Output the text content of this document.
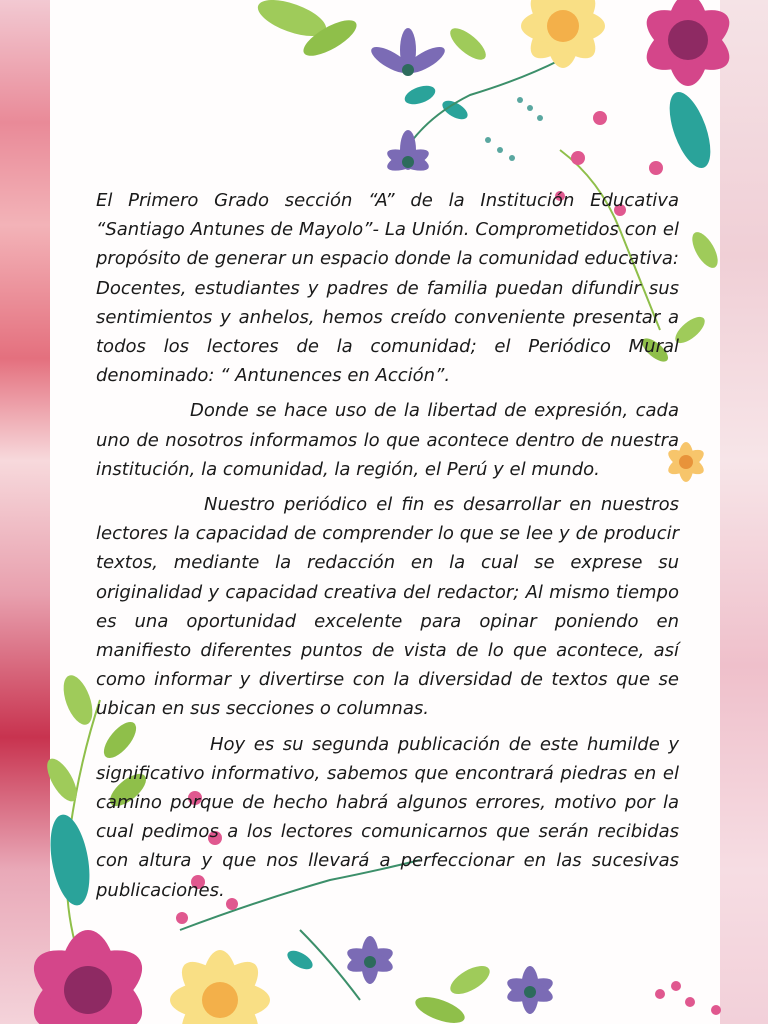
El Primero Grado sección “A” de la Institución Educativa “Santiago Antunes de Mayolo”- La Unión. Comprometidos con el propósito de generar un espacio donde la comunidad educativa: Docentes, estudiantes y padres de familia puedan difundir sus sentimientos y anhelos, hemos creído conveniente presentar a todos los lectores de la comunidad; el Periódico Mural denominado: “ Antunences en Acción”.

Donde se hace uso de la libertad de expresión, cada uno de nosotros informamos lo que acontece dentro de nuestra institución, la comunidad, la región, el Perú y el mundo.

Nuestro periódico el fin es desarrollar en nuestros lectores la capacidad de comprender lo que se lee y de producir textos, mediante la redacción en la cual se exprese su originalidad y capacidad creativa del redactor; Al mismo tiempo es una oportunidad excelente para opinar poniendo en manifiesto diferentes puntos de vista de lo que acontece, así como informar y divertirse con la diversidad de textos que se ubican en sus secciones o columnas.

Hoy es su segunda publicación de este humilde y significativo informativo, sabemos que encontrará piedras en el camino porque de hecho habrá algunos errores, motivo por la cual pedimos a los lectores comunicarnos que serán recibidas con altura y que nos llevará a perfeccionar en las sucesivas publicaciones.
